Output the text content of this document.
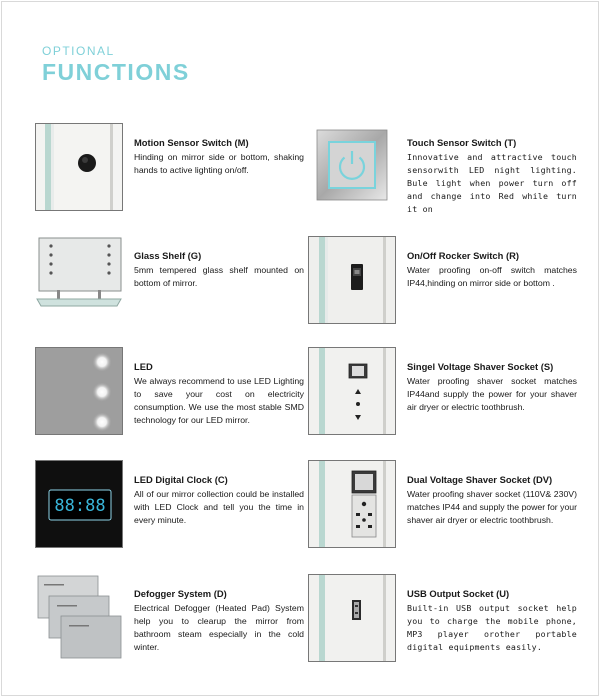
OPTIONAL
FUNCTIONS

Motion Sensor Switch (M)

Hinding on mirror side or bottom, shaking hands to active lighting on/off.

Glass Shelf (G)

5mm tempered glass shelf mounted on bottom of mirror.

LED

We always recommend to use LED Lighting to save your cost on electricity consumption. We use the most stable SMD technology for our LED mirror.

88:88

LED Digital Clock (C)

All of our mirror collection could be installed with LED Clock and tell you the time in every minute.

Defogger System (D)

Electrical Defogger (Heated Pad) System help you to clearup the mirror from bathroom steam especially in the cold winter.

Touch Sensor Switch (T)

Innovative and attractive touch sensorwith LED night lighting. Bule light when power turn off and change into Red while turn it on

On/Off Rocker Switch (R)

Water proofing on-off switch matches IP44,hinding on mirror side or bottom .

Singel Voltage Shaver Socket (S)

Water proofing shaver socket matches IP44and supply the power for your shaver air dryer or electric toothbrush.

Dual Voltage Shaver Socket (DV)

Water proofing shaver socket (110V& 230V) matches IP44 and supply the power for your shaver air dryer or electric toothbrush.

USB Output Socket (U)

Built-in USB output socket help you to charge the mobile phone, MP3 player orother portable digital equipments easily.
